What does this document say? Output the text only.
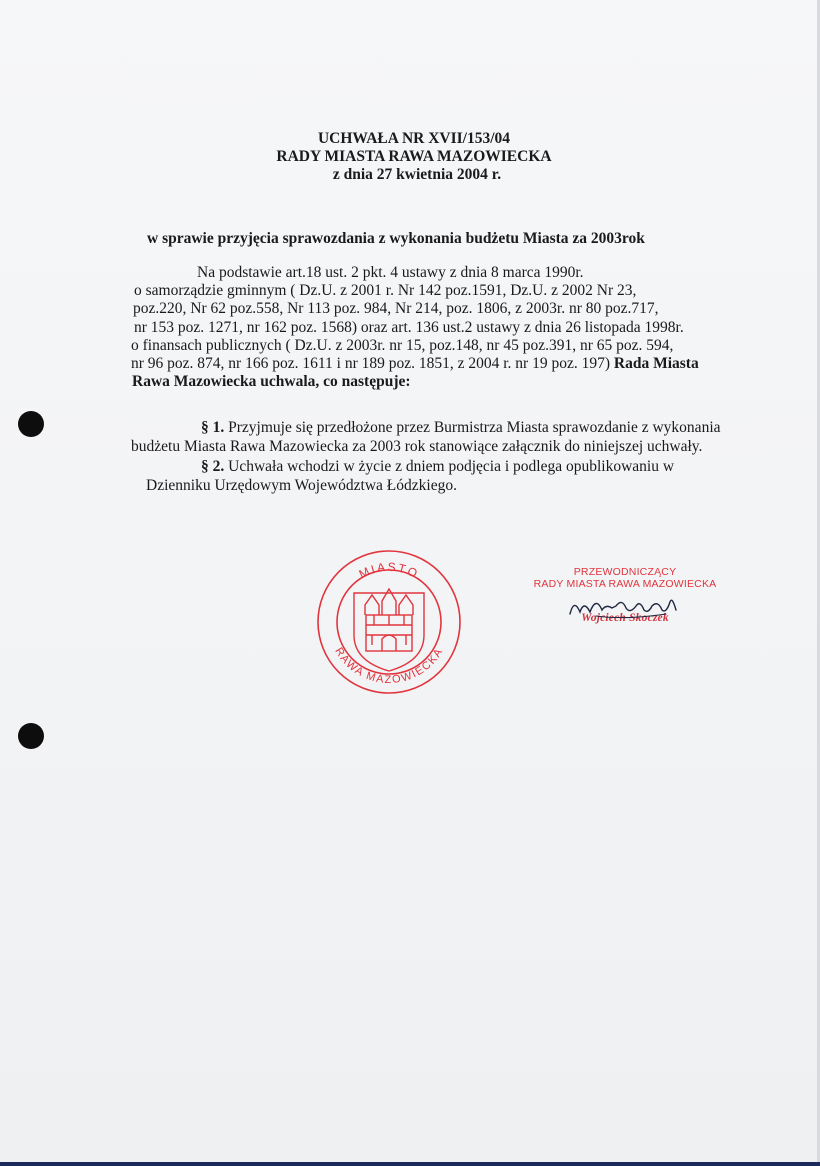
UCHWAŁA NR XVII/153/04
RADY MIASTA RAWA MAZOWIECKA
z dnia 27 kwietnia 2004 r.
w sprawie przyjęcia sprawozdania z wykonania budżetu Miasta za 2003rok
Na podstawie art.18 ust. 2 pkt. 4 ustawy z dnia 8 marca 1990r.
o samorządzie gminnym ( Dz.U. z 2001 r. Nr 142 poz.1591, Dz.U. z 2002 Nr 23,
poz.220, Nr 62 poz.558, Nr 113 poz. 984, Nr 214, poz. 1806, z 2003r. nr 80 poz.717,
nr 153 poz. 1271, nr 162 poz. 1568) oraz art. 136 ust.2 ustawy z dnia 26 listopada 1998r.
o finansach publicznych ( Dz.U. z 2003r. nr 15, poz.148, nr 45 poz.391, nr 65 poz. 594,
nr 96 poz. 874, nr 166 poz. 1611 i nr 189 poz. 1851, z 2004 r. nr 19 poz. 197) Rada Miasta
Rawa Mazowiecka uchwala, co następuje:
§ 1. Przyjmuje się przedłożone przez Burmistrza Miasta sprawozdanie z wykonania
budżetu Miasta Rawa Mazowiecka za 2003 rok stanowiące załącznik do niniejszej uchwały.
§ 2. Uchwała wchodzi w życie z dniem podjęcia i podlega opublikowaniu w
Dzienniku Urzędowym Województwa Łódzkiego.
MIASTO
RAWA MAZOWIECKA
PRZEWODNICZĄCY
RADY MIASTA RAWA MAZOWIECKA
Wojciech Skoczek
